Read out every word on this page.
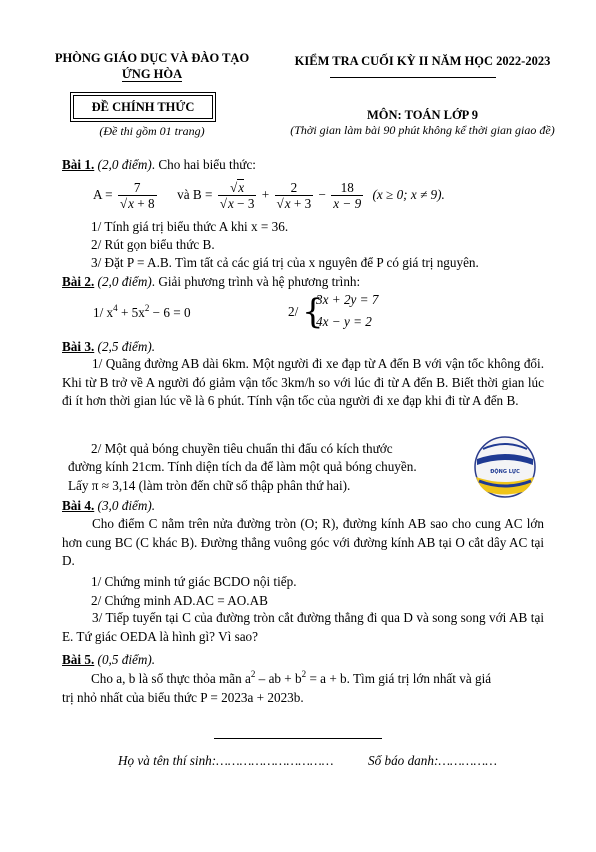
PHÒNG GIÁO DỤC VÀ ĐÀO TẠO
ỨNG HÒA
ĐỀ CHÍNH THỨC
(Đề thi gồm 01 trang)
KIỂM TRA CUỐI KỲ II NĂM HỌC 2022-2023
MÔN: TOÁN LỚP 9
(Thời gian làm bài 90 phút không kể thời gian giao đề)
Bài 1. (2,0 điểm). Cho hai biểu thức:
$A = \frac{7}{√x + 8}$ và $B = \frac{√x}{√x - 3} + \frac{2}{√x + 3} - \frac{18}{x - 9} (x \ge 0$; x ≠ 9).
1/ Tính giá trị biểu thức A khi x = 36.
2/ Rút gọn biểu thức B.
3/ Đặt P = A.B. Tìm tất cả các giá trị của x nguyên để P có giá trị nguyên.
Bài 2. (2,0 điểm). Giải phương trình và hệ phương trình:
1/ $x^4 + 5x^2 - 6 = 0$	2/ {
3x + 2y = 7
4x − y = 2
Bài 3. (2,5 điểm).
1/ Quãng đường AB dài 6km. Một người đi xe đạp từ A đến B với vận tốc không đổi. Khi từ B trở về A người đó giảm vận tốc 3km/h so với lúc đi từ A đến B. Biết thời gian lúc đi ít hơn thời gian lúc về là 6 phút. Tính vận tốc của người đi xe đạp khi đi từ A đến B.
2/ Một quả bóng chuyền tiêu chuẩn thi đấu có kích thước
đường kính 21cm. Tính diện tích da để làm một quả bóng chuyền.
Lấy π ≈ 3,14 (làm tròn đến chữ số thập phân thứ hai).
ĐỘNG LỰC
Bài 4. (3,0 điểm).
Cho điểm C nằm trên nửa đường tròn (O; R), đường kính AB sao cho cung AC lớn hơn cung BC (C khác B). Đường thẳng vuông góc với đường kính AB tại O cắt dây AC tại D.
1/ Chứng minh tứ giác BCDO nội tiếp.
2/ Chứng minh AD.AC = AO.AB
3/ Tiếp tuyến tại C của đường tròn cắt đường thẳng đi qua D và song song với AB tại E. Tứ giác OEDA là hình gì? Vì sao?
Bài 5. (0,5 điểm).
Cho a, b là số thực thỏa mãn $a^2$ – ab + $b^2 = a + b$. Tìm giá trị lớn nhất và giá
trị nhỏ nhất của biểu thức P = 2023a + 2023b.
Họ và tên thí sinh:…………………………	Số báo danh:……………
